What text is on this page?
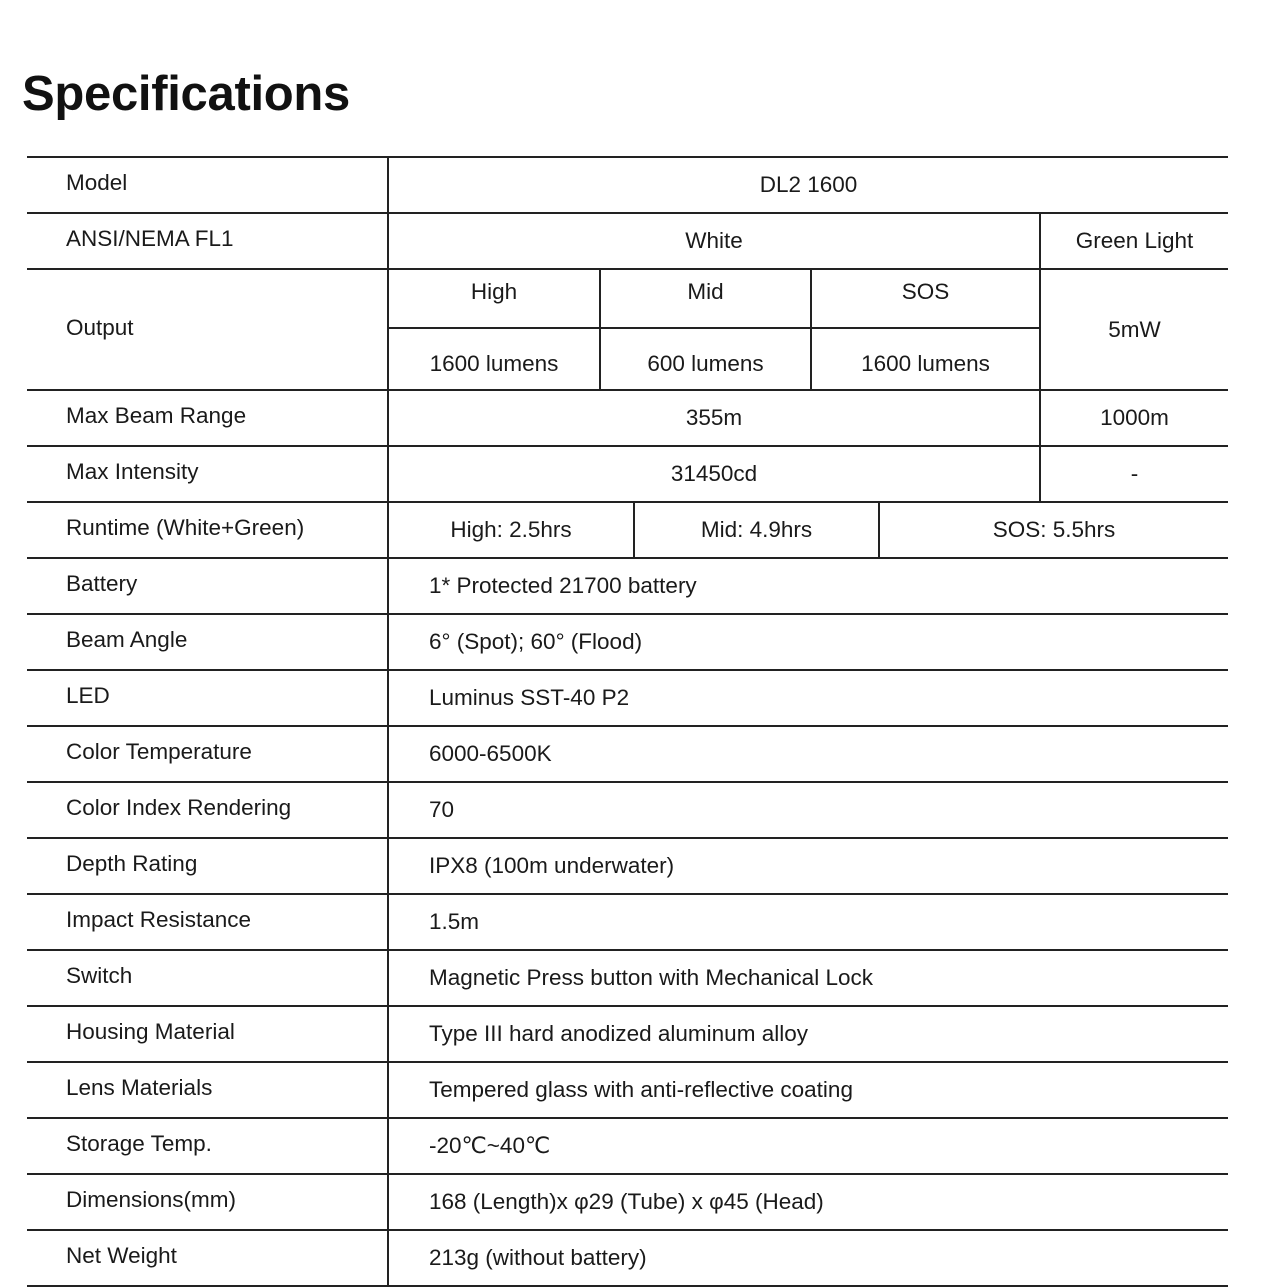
Specifications

Model	DL2 1600					
ANSI/NEMA FL1	White					Green Light
Output	High	Mid		SOS		5mW
	1600 lumens	600 lumens		1600 lumens		
Max Beam Range	355m					1000m
Max Intensity	31450cd					-
Runtime (White+Green)	High: 2.5hrs		Mid: 4.9hrs		SOS: 5.5hrs	
Battery	1* Protected 21700 battery					
Beam Angle	6° (Spot); 60° (Flood)					
LED	Luminus SST-40 P2					
Color Temperature	6000-6500K					
Color Index Rendering	70					
Depth Rating	IPX8 (100m underwater)					
Impact Resistance	1.5m					
Switch	Magnetic Press button with Mechanical Lock					
Housing Material	Type III hard anodized aluminum alloy					
Lens Materials	Tempered glass with anti-reflective coating					
Storage Temp.	-20℃~40℃					
Dimensions(mm)	168 (Length)x φ29 (Tube) x φ45 (Head)					
Net Weight	213g (without battery)					
